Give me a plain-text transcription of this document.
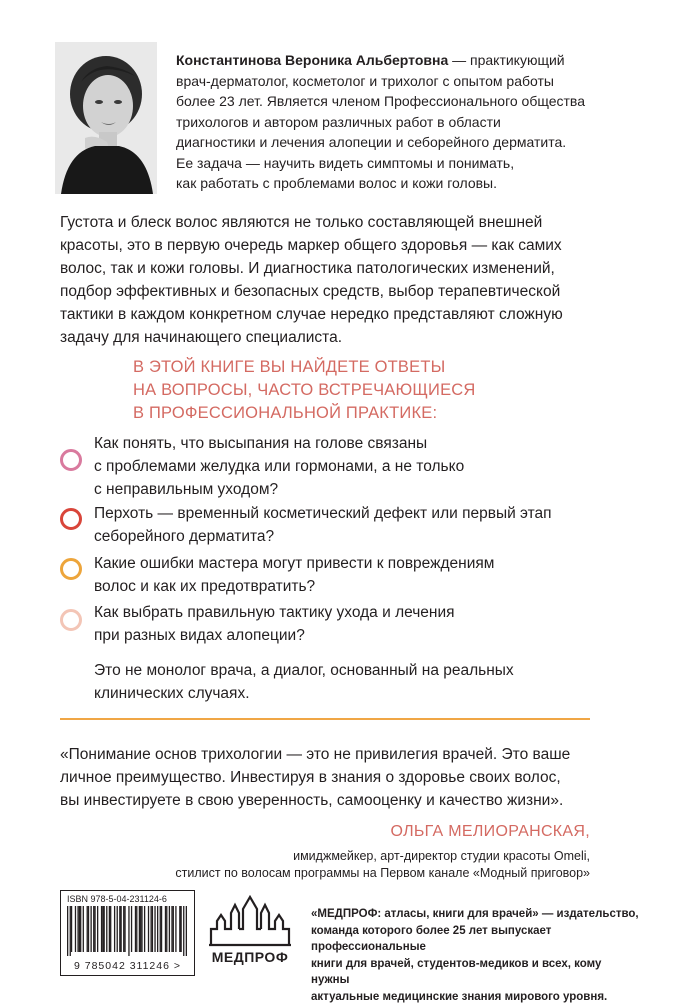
Константинова Вероника Альбертовна — практикующий
врач-дерматолог, косметолог и трихолог с опытом работы
более 23 лет. Является членом Профессионального общества
трихологов и автором различных работ в области
диагностики и лечения алопеции и себорейного дерматита.
Ее задача — научить видеть симптомы и понимать,
как работать с проблемами волос и кожи головы.
Густота и блеск волос являются не только составляющей внешней
красоты, это в первую очередь маркер общего здоровья — как самих
волос, так и кожи головы. И диагностика патологических изменений,
подбор эффективных и безопасных средств, выбор терапевтической
тактики в каждом конкретном случае нередко представляют сложную
задачу для начинающего специалиста.
В ЭТОЙ КНИГЕ ВЫ НАЙДЕТЕ ОТВЕТЫ
НА ВОПРОСЫ, ЧАСТО ВСТРЕЧАЮЩИЕСЯ
В ПРОФЕССИОНАЛЬНОЙ ПРАКТИКЕ:
Как понять, что высыпания на голове связаны
с проблемами желудка или гормонами, а не только
с неправильным уходом?
Перхоть — временный косметический дефект или первый этап
себорейного дерматита?
Какие ошибки мастера могут привести к повреждениям
волос и как их предотвратить?
Как выбрать правильную тактику ухода и лечения
при разных видах алопеции?
Это не монолог врача, а диалог, основанный на реальных
клинических случаях.
«Понимание основ трихологии — это не привилегия врачей. Это ваше
личное преимущество. Инвестируя в знания о здоровье своих волос,
вы инвестируете в свою уверенность, самооценку и качество жизни».
ОЛЬГА МЕЛИОРАНСКАЯ,
имиджмейкер, арт-директор студии красоты Omeli,
стилист по волосам программы на Первом канале «Модный приговор»
ISBN 978-5-04-231124-6
9 785042 311246 >
МЕДПРОФ
«МЕДПРОФ: атласы, книги для врачей» — издательство,
команда которого более 25 лет выпускает профессиональные
книги для врачей, студентов-медиков и всех, кому нужны
актуальные медицинские знания мирового уровня.
